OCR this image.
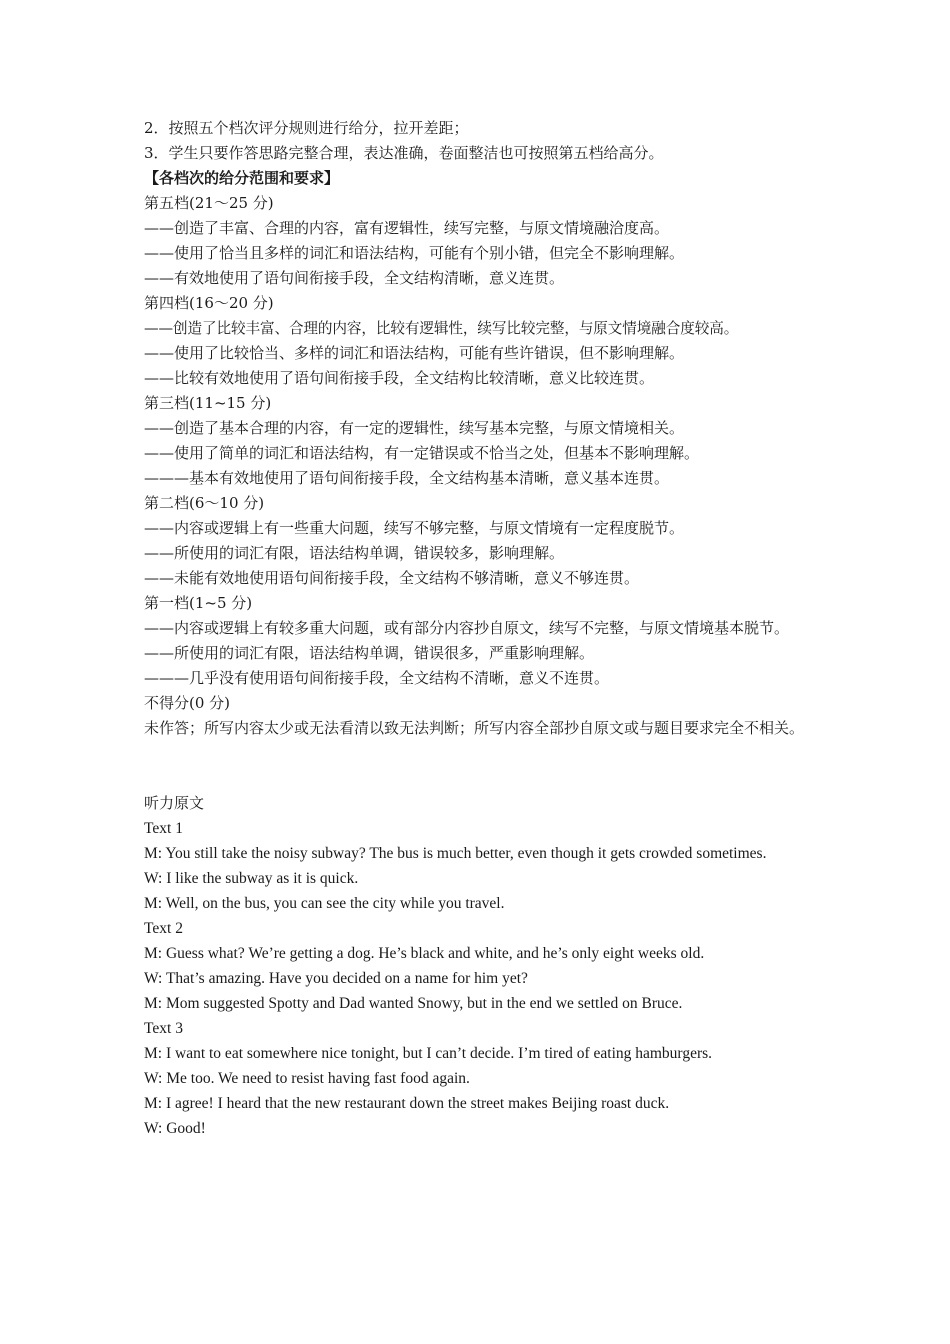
2．按照五个档次评分规则进行给分，拉开差距；
3．学生只要作答思路完整合理，表达准确，卷面整洁也可按照第五档给高分。
【各档次的给分范围和要求】
第五档(21～25 分)
——创造了丰富、合理的内容，富有逻辑性，续写完整，与原文情境融洽度高。
——使用了恰当且多样的词汇和语法结构，可能有个别小错，但完全不影响理解。
——有效地使用了语句间衔接手段，全文结构清晰，意义连贯。
第四档(16～20 分)
——创造了比较丰富、合理的内容，比较有逻辑性，续写比较完整，与原文情境融合度较高。
——使用了比较恰当、多样的词汇和语法结构，可能有些许错误，但不影响理解。
——比较有效地使用了语句间衔接手段，全文结构比较清晰，意义比较连贯。
第三档(11~15 分)
——创造了基本合理的内容，有一定的逻辑性，续写基本完整，与原文情境相关。
——使用了简单的词汇和语法结构，有一定错误或不恰当之处，但基本不影响理解。
———基本有效地使用了语句间衔接手段，全文结构基本清晰，意义基本连贯。
第二档(6～10 分)
——内容或逻辑上有一些重大问题，续写不够完整，与原文情境有一定程度脱节。
——所使用的词汇有限，语法结构单调，错误较多，影响理解。
——未能有效地使用语句间衔接手段，全文结构不够清晰，意义不够连贯。
第一档(1~5 分)
——内容或逻辑上有较多重大问题，或有部分内容抄自原文，续写不完整，与原文情境基本脱节。
——所使用的词汇有限，语法结构单调，错误很多，严重影响理解。
———几乎没有使用语句间衔接手段，全文结构不清晰，意义不连贯。
不得分(0 分)
未作答；所写内容太少或无法看清以致无法判断；所写内容全部抄自原文或与题目要求完全不相关。
听力原文
Text 1
M: You still take the noisy subway? The bus is much better, even though it gets crowded sometimes.
W: I like the subway as it is quick.
M: Well, on the bus, you can see the city while you travel.
Text 2
M: Guess what? We’re getting a dog. He’s black and white, and he’s only eight weeks old.
W: That’s amazing. Have you decided on a name for him yet?
M: Mom suggested Spotty and Dad wanted Snowy, but in the end we settled on Bruce.
Text 3
M: I want to eat somewhere nice tonight, but I can’t decide. I’m tired of eating hamburgers.
W: Me too. We need to resist having fast food again.
M: I agree! I heard that the new restaurant down the street makes Beijing roast duck.
W: Good!
